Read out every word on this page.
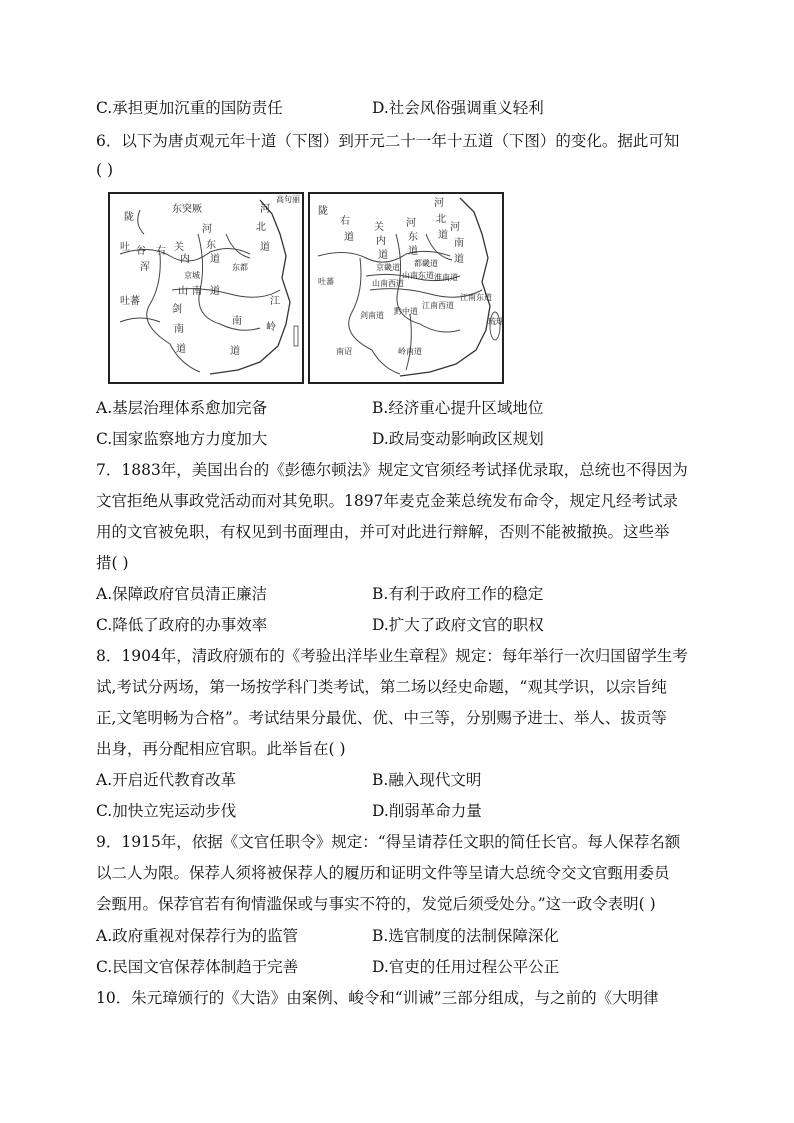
C.承担更加沉重的国防责任	D.社会风俗强调重义轻利
6．以下为唐贞观元年十道（下图）到开元二十一年十五道（下图）的变化。据此可知
( )
东突厥
高句丽
陇
吐 谷
浑
右 关
内
河
北
道
河
东
京城
东都
道
山 南 道
剑
南
道
南
江
岭
吐蕃
道
陇
右
道
关
内
道
河
北
道
河
东
道
河
南
道
京畿道 都畿道
山南西道
山南东道 淮南道
剑南道 黔中道
江南西道
江南东道
岭南道
吐蕃
南诏
琉球
A.基层治理体系愈加完备	B.经济重心提升区域地位
C.国家监察地方力度加大	D.政局变动影响政区规划
7．1883年，美国出台的《彭德尔顿法》规定文官须经考试择优录取，总统也不得因为
文官拒绝从事政党活动而对其免职。1897年麦克金莱总统发布命令，规定凡经考试录
用的文官被免职，有权见到书面理由，并可对此进行辩解，否则不能被撤换。这些举
措( )
A.保障政府官员清正廉洁	B.有利于政府工作的稳定
C.降低了政府的办事效率	D.扩大了政府文官的职权
8．1904年，清政府颁布的《考验出洋毕业生章程》规定：每年举行一次归国留学生考
试,考试分两场，第一场按学科门类考试，第二场以经史命题，“观其学识，以宗旨纯
正,文笔明畅为合格”。考试结果分最优、优、中三等，分别赐予进士、举人、拔贡等
出身，再分配相应官职。此举旨在( )
A.开启近代教育改革	B.融入现代文明
C.加快立宪运动步伐	D.削弱革命力量
9．1915年，依据《文官任职令》规定：“得呈请荐任文职的简任长官。每人保荐名额
以二人为限。保荐人须将被保荐人的履历和证明文件等呈请大总统令交文官甄用委员
会甄用。保荐官若有徇情滥保或与事实不符的，发觉后须受处分。”这一政令表明( )
A.政府重视对保荐行为的监管	B.选官制度的法制保障深化
C.民国文官保荐体制趋于完善	D.官吏的任用过程公平公正
10．朱元璋颁行的《大诰》由案例、峻令和“训诫”三部分组成，与之前的《大明律
